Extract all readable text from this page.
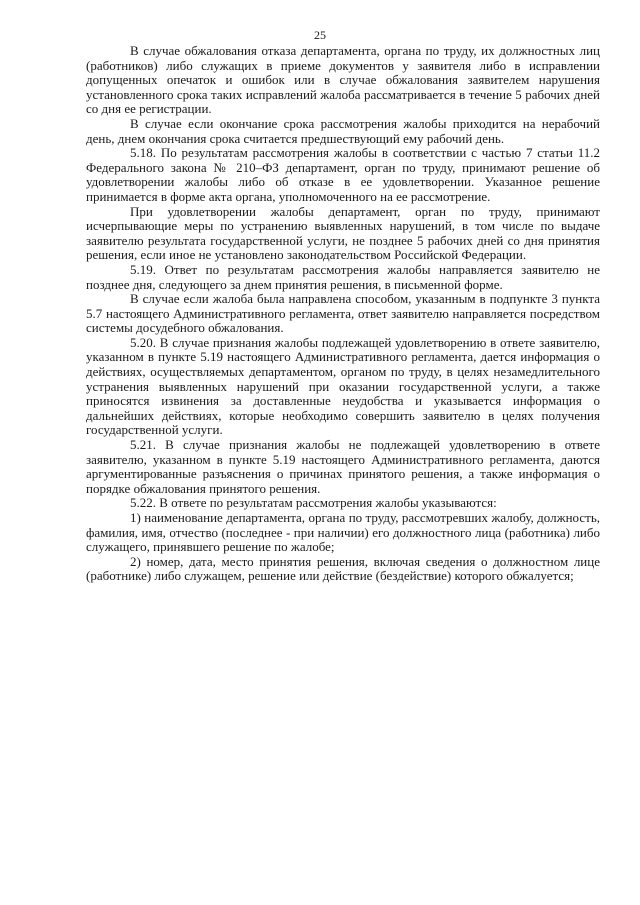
25

В случае обжалования отказа департамента, органа по труду, их должностных лиц (работников) либо служащих в приеме документов у заявителя либо в исправлении допущенных опечаток и ошибок или в случае обжалования заявителем нарушения установленного срока таких исправлений жалоба рассматривается в течение 5 рабочих дней со дня ее регистрации.

В случае если окончание срока рассмотрения жалобы приходится на нерабочий день, днем окончания срока считается предшествующий ему рабочий день.

5.18. По результатам рассмотрения жалобы в соответствии с частью 7 статьи 11.2 Федерального закона № 210–ФЗ департамент, орган по труду, принимают решение об удовлетворении жалобы либо об отказе в ее удовлетворении. Указанное решение принимается в форме акта органа, уполномоченного на ее рассмотрение.

При удовлетворении жалобы департамент, орган по труду, принимают исчерпывающие меры по устранению выявленных нарушений, в том числе по выдаче заявителю результата государственной услуги, не позднее 5 рабочих дней со дня принятия решения, если иное не установлено законодательством Российской Федерации.

5.19. Ответ по результатам рассмотрения жалобы направляется заявителю не позднее дня, следующего за днем принятия решения, в письменной форме.

В случае если жалоба была направлена способом, указанным в подпункте 3 пункта 5.7 настоящего Административного регламента, ответ заявителю направляется посредством системы досудебного обжалования.

5.20. В случае признания жалобы подлежащей удовлетворению в ответе заявителю, указанном в пункте 5.19 настоящего Административного регламента, дается информация о действиях, осуществляемых департаментом, органом по труду, в целях незамедлительного устранения выявленных нарушений при оказании государственной услуги, а также приносятся извинения за доставленные неудобства и указывается информация о дальнейших действиях, которые необходимо совершить заявителю в целях получения государственной услуги.

5.21. В случае признания жалобы не подлежащей удовлетворению в ответе заявителю, указанном в пункте 5.19 настоящего Административного регламента, даются аргументированные разъяснения о причинах принятого решения, а также информация о порядке обжалования принятого решения.

5.22. В ответе по результатам рассмотрения жалобы указываются:

1) наименование департамента, органа по труду, рассмотревших жалобу, должность, фамилия, имя, отчество (последнее - при наличии) его должностного лица (работника) либо служащего, принявшего решение по жалобе;

2) номер, дата, место принятия решения, включая сведения о должностном лице (работнике) либо служащем, решение или действие (бездействие) которого обжалуется;
